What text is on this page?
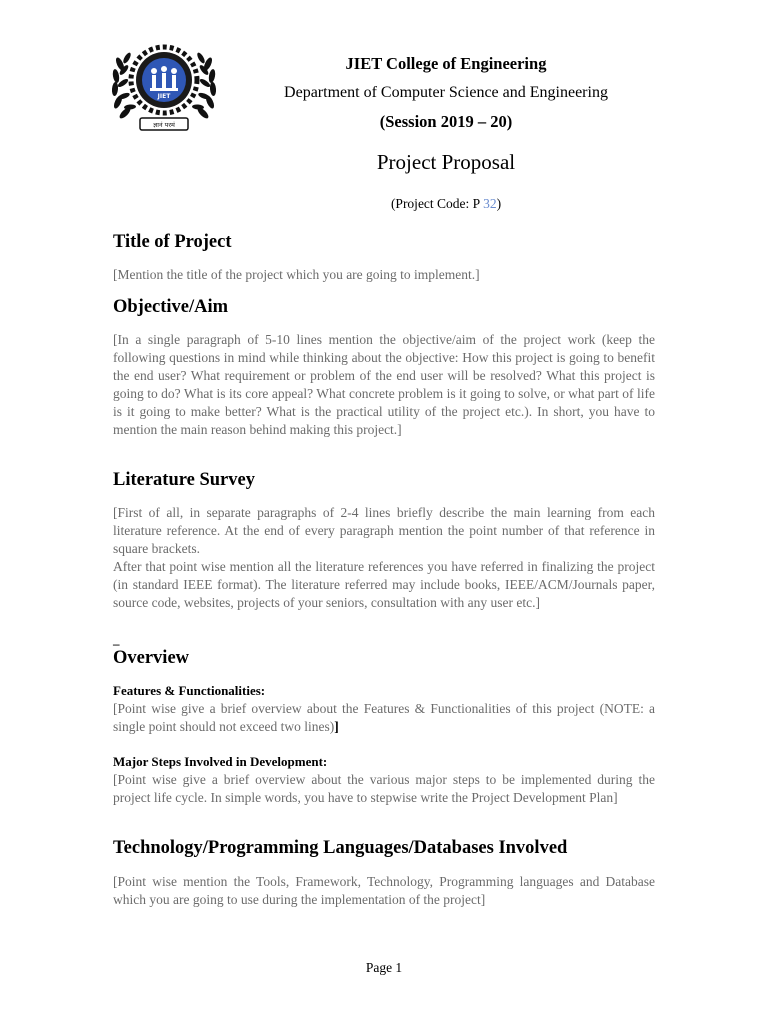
JIET
ज्ञानं परमं
JIET College of Engineering
Department of Computer Science and Engineering
(Session 2019 – 20)
Project Proposal
(Project Code: P 32)
Title of Project
[Mention the title of the project which you are going to implement.]
Objective/Aim
[In a single paragraph of 5-10 lines mention the objective/aim of the project work (keep the following questions in mind while thinking about the objective: How this project is going to benefit the end user? What requirement or problem of the end user will be resolved? What this project is going to do? What is its core appeal? What concrete problem is it going to solve, or what part of life is it going to make better? What is the practical utility of the project etc.). In short, you have to mention the main reason behind making this project.]
Literature Survey

[First of all, in separate paragraphs of 2-4 lines briefly describe the main learning from each literature reference. At the end of every paragraph mention the point number of that reference in square brackets.

After that point wise mention all the literature references you have referred in finalizing the project (in standard IEEE format). The literature referred may include books, IEEE/ACM/Journals paper, source code, websites, projects of your seniors, consultation with any user etc.]

–
Overview
Features & Functionalities:
[Point wise give a brief overview about the Features & Functionalities of this project (NOTE: a single point should not exceed two lines)]
Major Steps Involved in Development:
[Point wise give a brief overview about the various major steps to be implemented during the project life cycle. In simple words, you have to stepwise write the Project Development Plan]
Technology/Programming Languages/Databases Involved
[Point wise mention the Tools, Framework, Technology, Programming languages and Database which you are going to use during the implementation of the project]
Page 1
